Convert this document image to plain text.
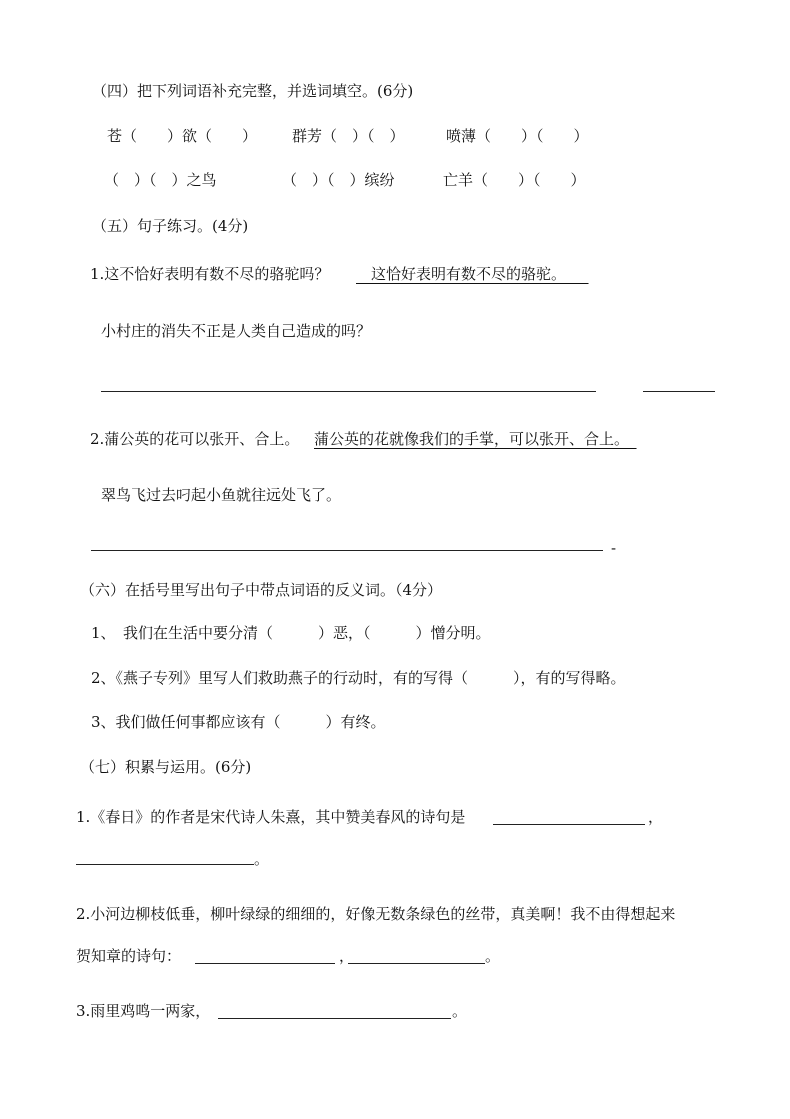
（四）把下列词语补充完整，并选词填空。(6分)
苍（　　）欲（　　） 群芳（　）（　）	喷薄（　　）（　　）
（　）（　）之鸟	（　）（　）缤纷	亡羊（　　）（　　）
（五）句子练习。(4分)
1.这不恰好表明有数不尽的骆驼吗？ 　这恰好表明有数不尽的骆驼。　　
小村庄的消失不正是人类自己造成的吗？
2.蒲公英的花可以张开、合上。 蒲公英的花就像我们的手掌，可以张开、合上。　
翠鸟飞过去叼起小鱼就往远处飞了。
-
（六）在括号里写出句子中带点词语的反义词。（4分）
1、　我们在生活中要分清（　　　）恶，（　　　）憎分明。
2、《燕子专列》里写人们救助燕子的行动时，有的写得（　　　），有的写得略。
3、我们做任何事都应该有（　　　）有终。
（七）积累与运用。(6分)
1.《春日》的作者是宋代诗人朱熹，其中赞美春风的诗句是	，
。
2.小河边柳枝低垂，柳叶绿绿的细细的，好像无数条绿色的丝带，真美啊！我不由得想起来
贺知章的诗句：	，	。
3.雨里鸡鸣一两家，	。
